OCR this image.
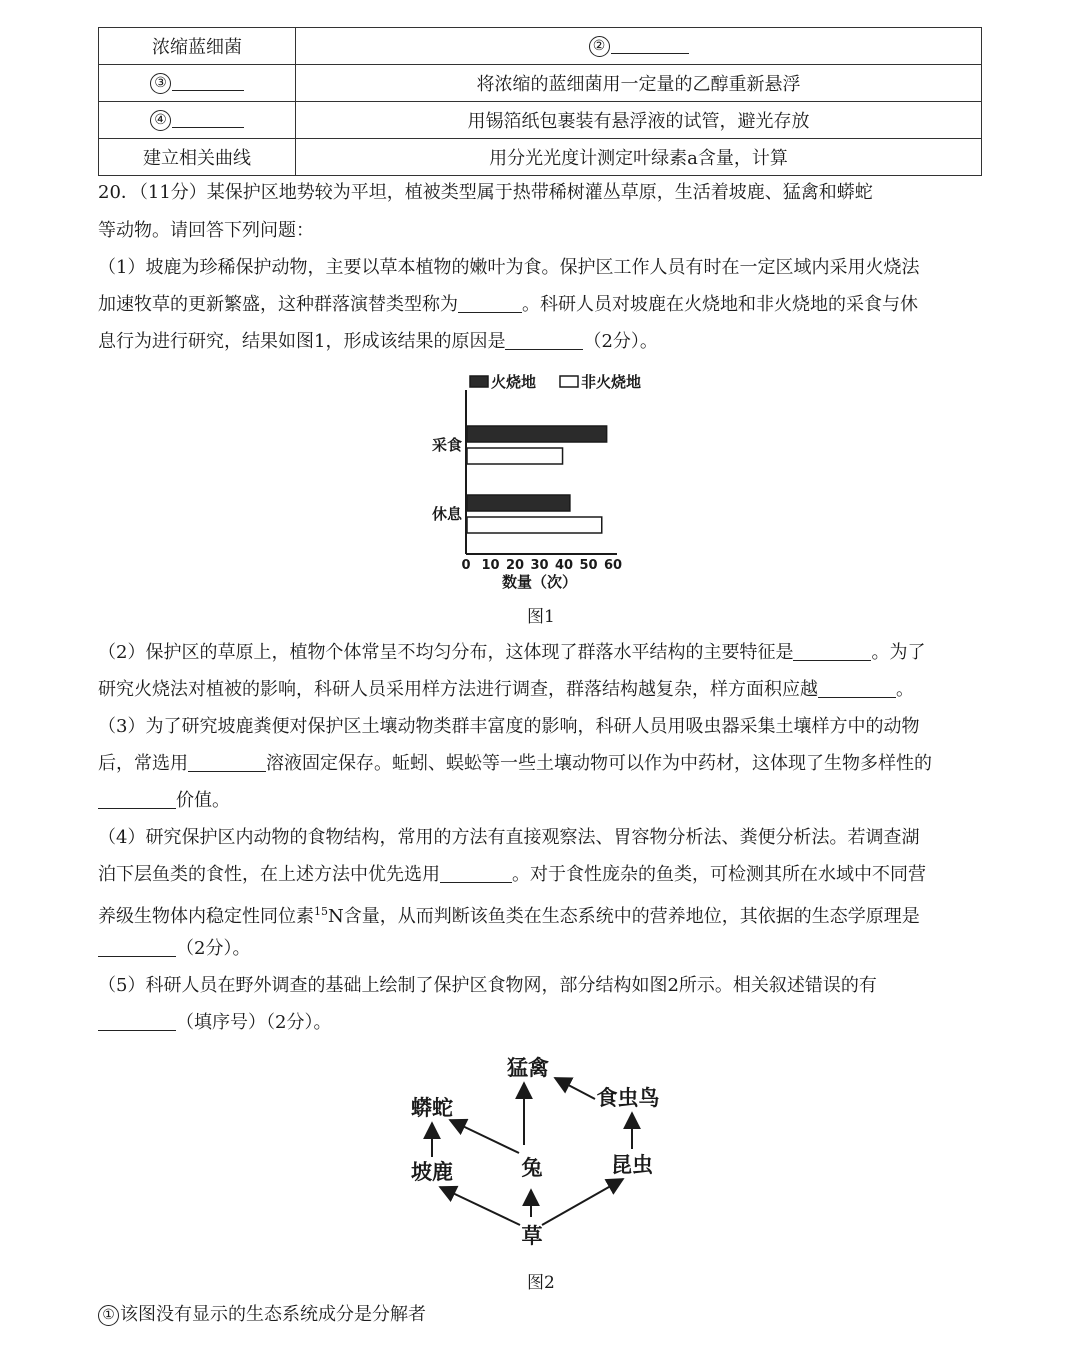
浓缩蓝细菌	②
③	将浓缩的蓝细菌用一定量的乙醇重新悬浮
④	用锡箔纸包裹装有悬浮液的试管，避光存放
建立相关曲线	用分光光度计测定叶绿素a含量，计算
20．（11分）某保护区地势较为平坦，植被类型属于热带稀树灌丛草原，生活着坡鹿、猛禽和蟒蛇
等动物。请回答下列问题：
（1）坡鹿为珍稀保护动物，主要以草本植物的嫩叶为食。保护区工作人员有时在一定区域内采用火烧法
加速牧草的更新繁盛，这种群落演替类型称为	。科研人员对坡鹿在火烧地和非火烧地的采食与休
息行为进行研究，结果如图1，形成该结果的原因是	（2分）。
火烧地	非火烧地
采食
休息
0 10 20 30 40 50 60
数量（次）
图1
（2）保护区的草原上，植物个体常呈不均匀分布，这体现了群落水平结构的主要特征是	。为了
研究火烧法对植被的影响，科研人员采用样方法进行调查，群落结构越复杂，样方面积应越	。
（3）为了研究坡鹿粪便对保护区土壤动物类群丰富度的影响，科研人员用吸虫器采集土壤样方中的动物
后，常选用	溶液固定保存。蚯蚓、蜈蚣等一些土壤动物可以作为中药材，这体现了生物多样性的
价值。
（4）研究保护区内动物的食物结构，常用的方法有直接观察法、胃容物分析法、粪便分析法。若调查湖
泊下层鱼类的食性，在上述方法中优先选用	。对于食性庞杂的鱼类，可检测其所在水域中不同营
养级生物体内稳定性同位素$^{15}$N含量，从而判断该鱼类在生态系统中的营养地位，其依据的生态学原理是
（2分）。
（5）科研人员在野外调查的基础上绘制了保护区食物网，部分结构如图2所示。相关叙述错误的有
（填序号）（2分）。
草
坡鹿	兔	昆虫
蟒蛇
猛禽
食虫鸟
图2
① 该图没有显示的生态系统成分是分解者
